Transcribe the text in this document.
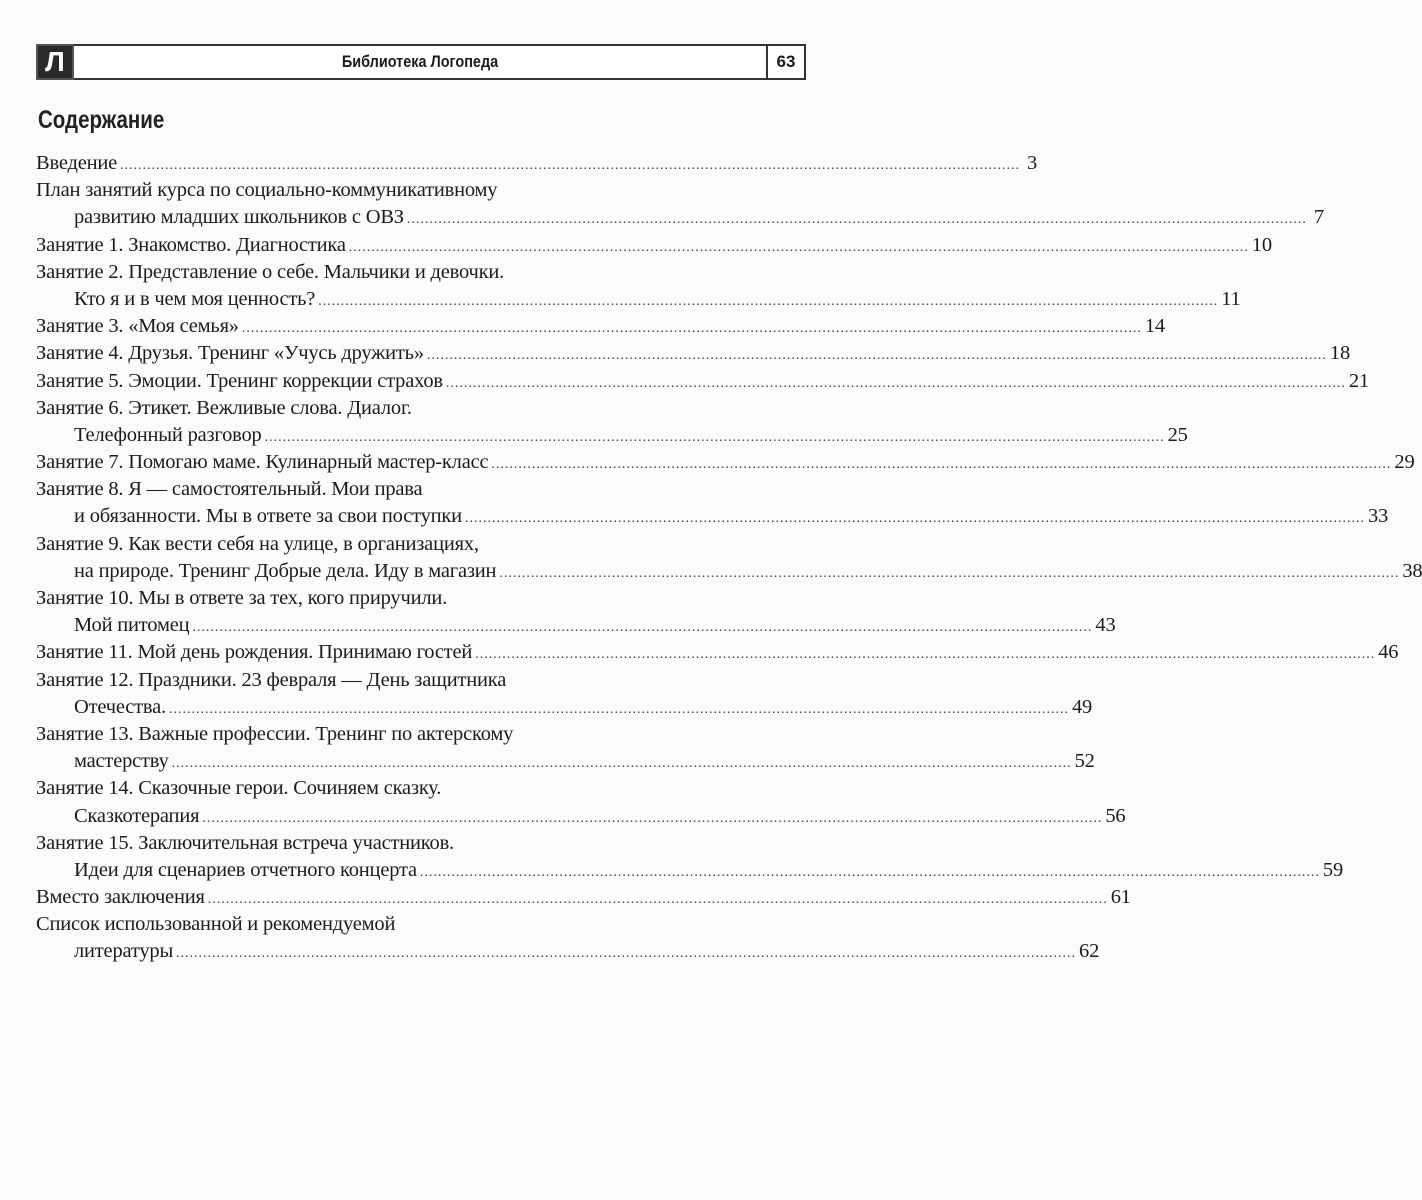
Л	Библиотека Логопеда	63
Содержание
Введение ........................................................................................................................................................................................................ 3
План занятий курса по социально-коммуникативному
развитию младших школьников с ОВЗ ........................................................................................................................................................................................................ 7
Занятие 1. Знакомство. Диагностика ........................................................................................................................................................................................................ 10
Занятие 2. Представление о себе. Мальчики и девочки.
Кто я и в чем моя ценность? ........................................................................................................................................................................................................ 11
Занятие 3. «Моя семья» ........................................................................................................................................................................................................ 14
Занятие 4. Друзья. Тренинг «Учусь дружить» ........................................................................................................................................................................................................ 18
Занятие 5. Эмоции. Тренинг коррекции страхов ........................................................................................................................................................................................................ 21
Занятие 6. Этикет. Вежливые слова. Диалог.
Телефонный разговор ........................................................................................................................................................................................................ 25
Занятие 7. Помогаю маме. Кулинарный мастер-класс ........................................................................................................................................................................................................ 29
Занятие 8. Я — самостоятельный. Мои права
и обязанности. Мы в ответе за свои поступки ........................................................................................................................................................................................................ 33
Занятие 9. Как вести себя на улице, в организациях,
на природе. Тренинг Добрые дела. Иду в магазин ........................................................................................................................................................................................................ 38
Занятие 10. Мы в ответе за тех, кого приручили.
Мой питомец ........................................................................................................................................................................................................ 43
Занятие 11. Мой день рождения. Принимаю гостей ........................................................................................................................................................................................................ 46
Занятие 12. Праздники. 23 февраля — День защитника
Отечества. ........................................................................................................................................................................................................ 49
Занятие 13. Важные профессии. Тренинг по актерскому
мастерству ........................................................................................................................................................................................................ 52
Занятие 14. Сказочные герои. Сочиняем сказку.
Сказкотерапия ........................................................................................................................................................................................................ 56
Занятие 15. Заключительная встреча участников.
Идеи для сценариев отчетного концерта ........................................................................................................................................................................................................ 59
Вместо заключения ........................................................................................................................................................................................................ 61
Список использованной и рекомендуемой
литературы ........................................................................................................................................................................................................ 62
